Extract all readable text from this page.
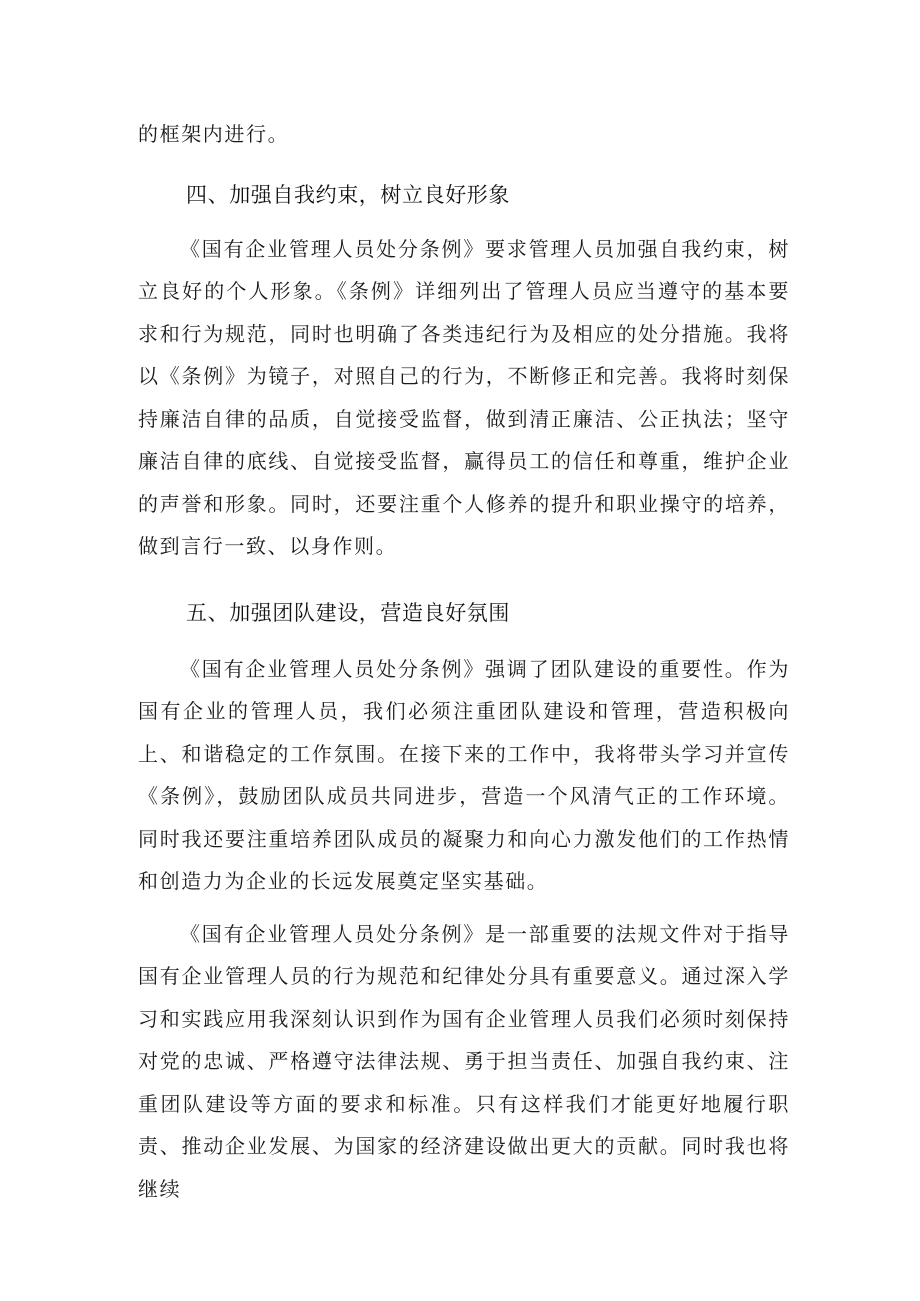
的框架内进行。

四、加强自我约束，树立良好形象

《国有企业管理人员处分条例》要求管理人员加强自我约束，树立良好的个人形象。《条例》详细列出了管理人员应当遵守的基本要求和行为规范，同时也明确了各类违纪行为及相应的处分措施。我将以《条例》为镜子，对照自己的行为，不断修正和完善。我将时刻保持廉洁自律的品质，自觉接受监督，做到清正廉洁、公正执法；坚守廉洁自律的底线、自觉接受监督，赢得员工的信任和尊重，维护企业的声誉和形象。同时，还要注重个人修养的提升和职业操守的培养，做到言行一致、以身作则。

五、加强团队建设，营造良好氛围

《国有企业管理人员处分条例》强调了团队建设的重要性。作为国有企业的管理人员，我们必须注重团队建设和管理，营造积极向上、和谐稳定的工作氛围。在接下来的工作中，我将带头学习并宣传《条例》，鼓励团队成员共同进步，营造一个风清气正的工作环境。同时我还要注重培养团队成员的凝聚力和向心力激发他们的工作热情和创造力为企业的长远发展奠定坚实基础。

《国有企业管理人员处分条例》是一部重要的法规文件对于指导国有企业管理人员的行为规范和纪律处分具有重要意义。通过深入学习和实践应用我深刻认识到作为国有企业管理人员我们必须时刻保持对党的忠诚、严格遵守法律法规、勇于担当责任、加强自我约束、注重团队建设等方面的要求和标准。只有这样我们才能更好地履行职责、推动企业发展、为国家的经济建设做出更大的贡献。同时我也将继续
